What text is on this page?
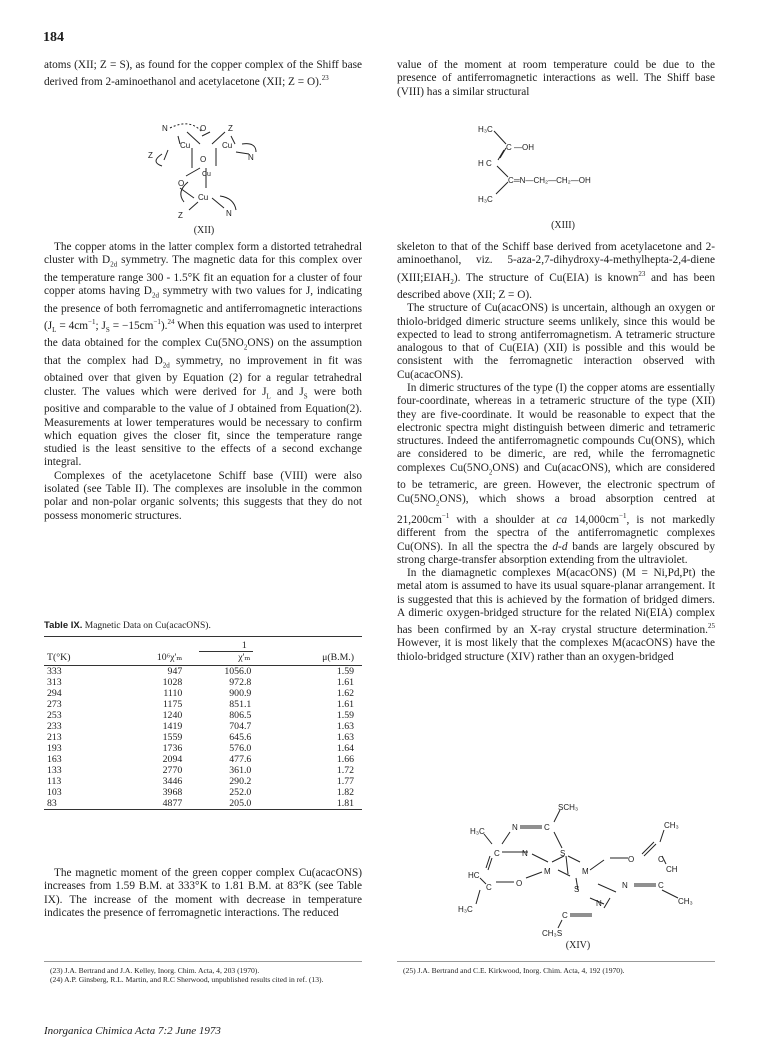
184

atoms (XII; Z = S), as found for the copper complex of the Shiff base derived from 2-aminoethanol and acetylacetone (XII; Z = O).$^{23}$

N	O	Z
Cu	Cu
Z	N
O
Cu
O
Cu
Z	N
(XII)

The copper atoms in the latter complex form a distorted tetrahedral cluster with $D_{2d}$ symmetry. The magnetic data for this complex over the temperature range 300 - 1.5°K fit an equation for a cluster of four copper atoms having $D_{2d}$ symmetry with two values for J, indicating the presence of both ferromagnetic and antiferromagnetic interactions ($J_L = 4cm^{-1}$; $J_S = -15cm^{-1}).^{24}$ When this equation was used to interpret the data obtained for the complex $Cu(5NO_2ONS)$ on the assumption that the complex had $D_{2d}$ symmetry, no improvement in fit was obtained over that given by Equation (2) for a regular tetrahedral cluster. The values which were derived for $J_L$ and $J_S$ were both positive and comparable to the value of J obtained from Equation(2). Measurements at lower temperatures would be necessary to confirm which equation gives the closer fit, since the temperature range studied is the least sensitive to the effects of a second exchange integral.

Complexes of the acetylacetone Schiff base (VIII) were also isolated (see Table II). The complexes are insoluble in the common polar and non-polar organic solvents; this suggests that they do not possess monomeric structures.

Table IX. Magnetic Data on Cu(acacONS).
T(°K)	10⁶χ'ₘ	1
χ'ₘ	μ(B.M.)
333	947	1056.0	1.59
313	1028	972.8	1.61
294	1110	900.9	1.62
273	1175	851.1	1.61
253	1240	806.5	1.59
233	1419	704.7	1.63
213	1559	645.6	1.63
193	1736	576.0	1.64
163	2094	477.6	1.66
133	2770	361.0	1.72
113	3446	290.2	1.77
103	3968	252.0	1.82
83	4877	205.0	1.81

The magnetic moment of the green copper complex Cu(acacONS) increases from 1.59 B.M. at 333°K to 1.81 B.M. at 83°K (see Table IX). The increase of the moment with decrease in temperature indicates the presence of ferromagnetic interactions. The reduced

(23) J.A. Bertrand and J.A. Kelley, Inorg. Chim. Acta, 4, 203 (1970).
(24) A.P. Ginsberg, R.L. Martin, and R.C Sherwood, unpublished results cited in ref. (13).

value of the moment at room temperature could be due to the presence of antiferromagnetic interactions as well. The Shiff base (VIII) has a similar structural

H₃C
C —OH
H C
C ═N—CH₂—CH₂—OH
H₃C
(XIII)

skeleton to that of the Schiff base derived from acetylacetone and 2-aminoethanol, viz. 5-aza-2,7-dihydroxy-4-methylhepta-2,4-diene $(XIII;EIAH_2)$. The structure of Cu(EIA) is known$^{23}$ and has been described above (XII; Z = O).

The structure of Cu(acacONS) is uncertain, although an oxygen or thiolo-bridged dimeric structure seems unlikely, since this would be expected to lead to strong antiferromagnetism. A tetrameric structure analogous to that of Cu(EIA) (XII) is possible and this would be consistent with the ferromagnetic interaction observed with Cu(acacONS).

In dimeric structures of the type (I) the copper atoms are essentially four-coordinate, whereas in a tetrameric structure of the type (XII) they are five-coordinate. It would be reasonable to expect that the electronic spectra might distinguish between dimeric and tetrameric structures. Indeed the antiferromagnetic compounds Cu(ONS), which are considered to be dimeric, are red, while the ferromagnetic complexes $Cu(5NO_2ONS)$ and Cu(acacONS), which are considered to be tetrameric, are green. However, the electronic spectrum of $Cu(5NO_2ONS)$, which shows a broad absorption centred at $21,200cm^{-1}$ with a shoulder at ca $14,000cm^{-1}$, is not markedly different from the spectra of the antiferromagnetic complexes Cu(ONS). In all the spectra the d-d bands are largely obscured by strong charge-transfer absorption extending from the ultraviolet.

In the diamagnetic complexes M(acacONS) (M = Ni,Pd,Pt) the metal atom is assumed to have its usual square-planar arrangement. It is suggested that this is achieved by the formation of bridged dimers. A dimeric oxygen-bridged structure for the related Ni(EIA) complex has been confirmed by an X-ray crystal structure determination.$^{25}$ However, it is most likely that the complexes M(acacONS) have the thiolo-bridged structure (XIV) rather than an oxygen-bridged

SCH₃
N	C
H₃C
CH₃
C	N	S
O	C
CH
HC	M	M
C	O
S	N	C
H₃C
C
N	CH₃
CH₃S
(XIV)
(25) J.A. Bertrand and C.E. Kirkwood, Inorg. Chim. Acta, 4, 192 (1970).
Inorganica Chimica Acta 7:2 June 1973
